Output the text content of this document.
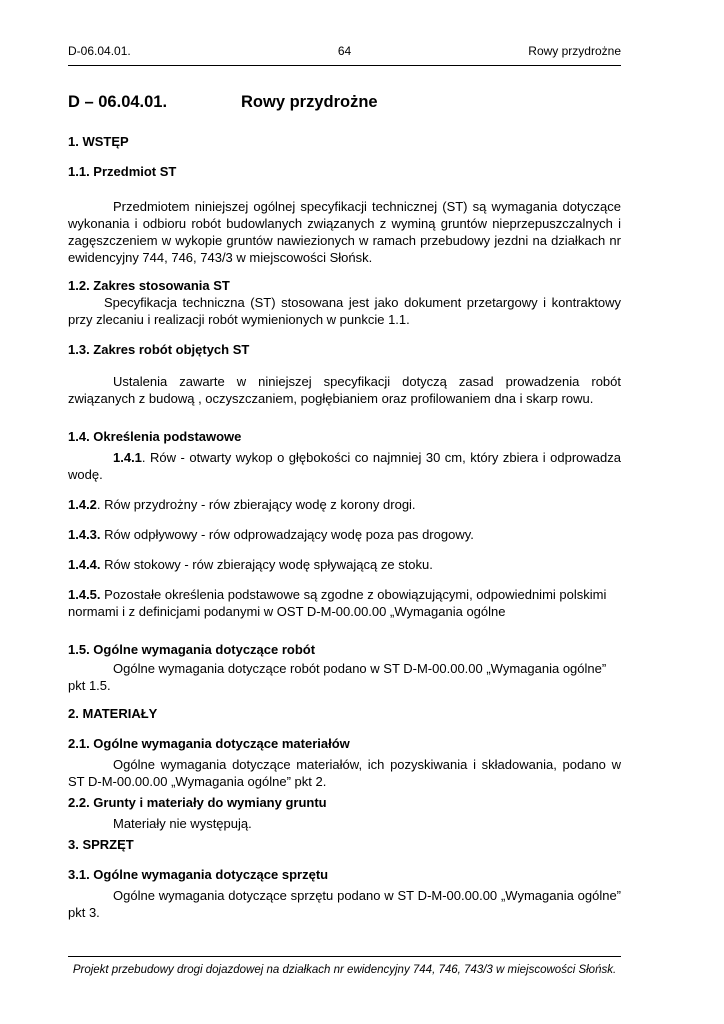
D-06.04.01.	64	Rowy przydrożne
D – 06.04.01.	Rowy przydrożne
1. WSTĘP
1.1. Przedmiot ST
Przedmiotem niniejszej ogólnej specyfikacji technicznej (ST) są wymagania dotyczące wykonania i odbioru robót budowlanych związanych z wyminą gruntów nieprzepuszczalnych i zagęszczeniem w wykopie gruntów nawiezionych w ramach przebudowy jezdni na działkach nr ewidencyjny 744, 746, 743/3 w miejscowości Słońsk.
1.2. Zakres stosowania ST
Specyfikacja techniczna (ST) stosowana jest jako dokument przetargowy i kontraktowy przy zlecaniu i realizacji robót wymienionych w punkcie 1.1.
1.3. Zakres robót objętych ST
Ustalenia zawarte w niniejszej specyfikacji dotyczą zasad prowadzenia robót związanych z budową , oczyszczaniem, pogłębianiem oraz profilowaniem dna i skarp rowu.
1.4. Określenia podstawowe
1.4.1. Rów - otwarty wykop o głębokości co najmniej 30 cm, który zbiera i odprowadza wodę.
1.4.2. Rów przydrożny - rów zbierający wodę z korony drogi.
1.4.3. Rów odpływowy - rów odprowadzający wodę poza pas drogowy.
1.4.4. Rów stokowy - rów zbierający wodę spływającą ze stoku.
1.4.5. Pozostałe określenia podstawowe są zgodne z obowiązującymi, odpowiednimi polskimi normami i z definicjami podanymi w OST D-M-00.00.00 „Wymagania ogólne
1.5. Ogólne wymagania dotyczące robót
Ogólne wymagania dotyczące robót podano w ST D-M-00.00.00 „Wymagania ogólne” pkt 1.5.
2. MATERIAŁY
2.1. Ogólne wymagania dotyczące materiałów
Ogólne wymagania dotyczące materiałów, ich pozyskiwania i składowania, podano w ST D-M-00.00.00 „Wymagania ogólne” pkt 2.
2.2. Grunty i materiały do wymiany gruntu
Materiały nie występują.
3. SPRZĘT
3.1. Ogólne wymagania dotyczące sprzętu
Ogólne wymagania dotyczące sprzętu podano w ST D-M-00.00.00 „Wymagania ogólne” pkt 3.
Projekt przebudowy drogi dojazdowej na działkach nr ewidencyjny 744, 746, 743/3 w miejscowości Słońsk.
